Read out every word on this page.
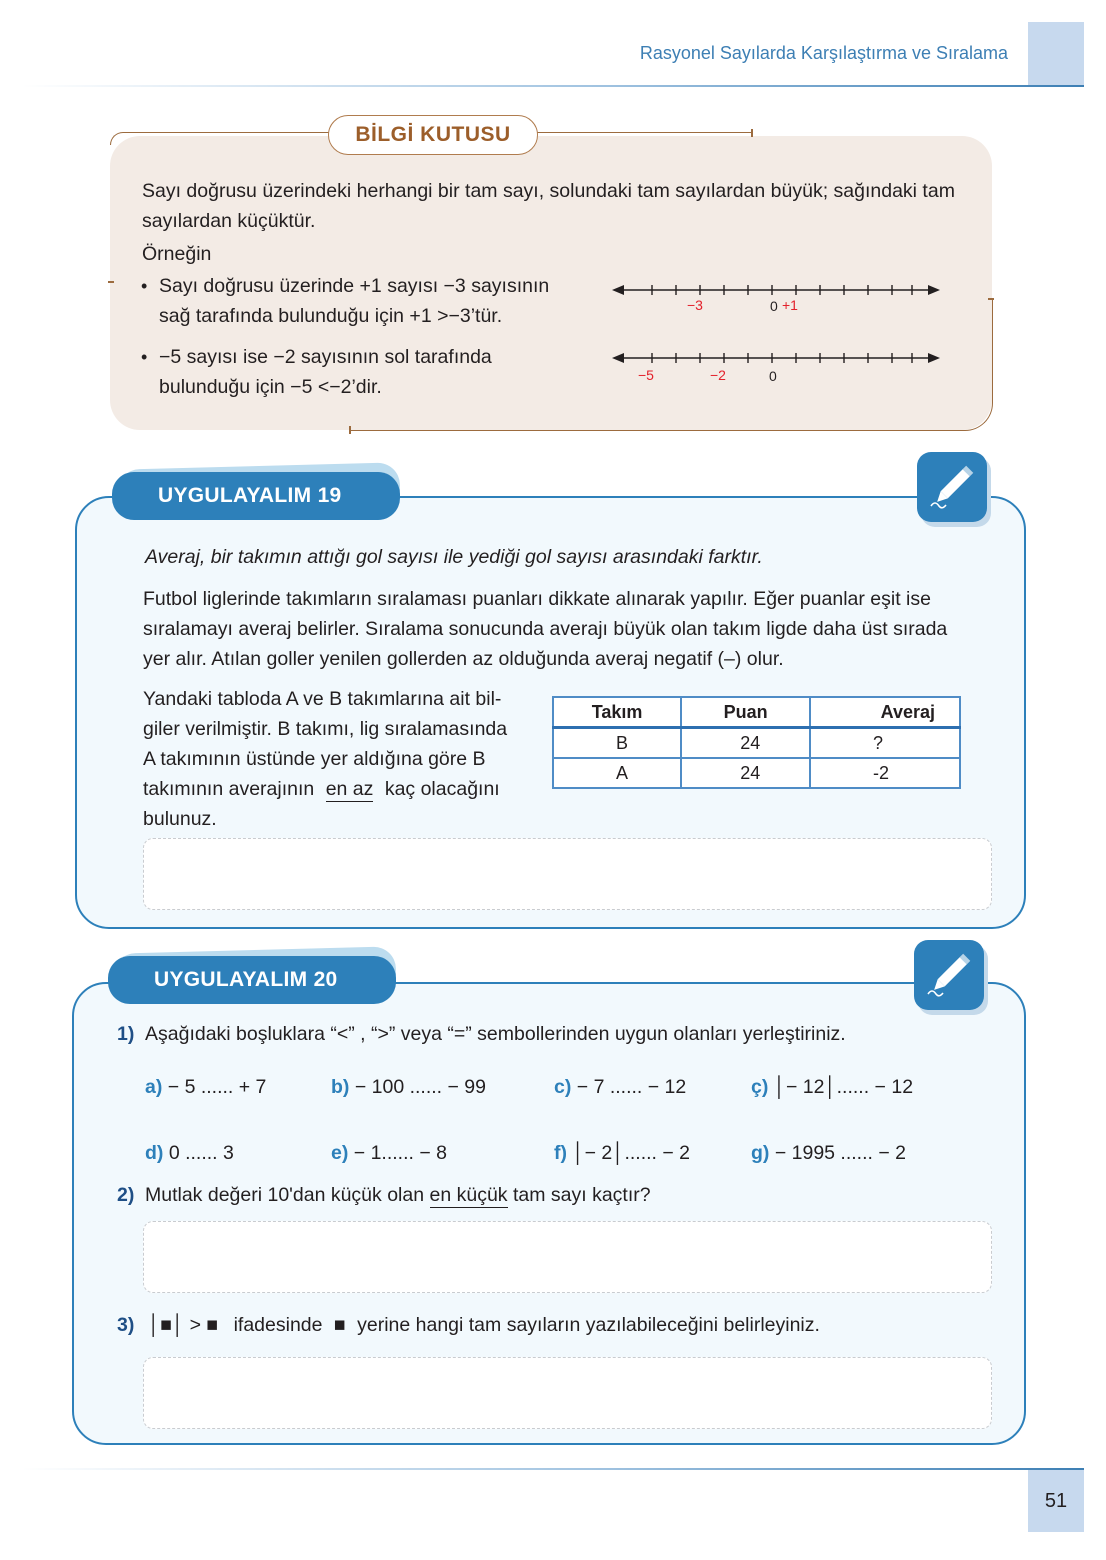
Rasyonel Sayılarda Karşılaştırma ve Sıralama
BİLGİ KUTUSU
Sayı doğrusu üzerindeki herhangi bir tam sayı, solundaki tam sayılardan büyük; sağındaki tam
sayılardan küçüktür.
Örneğin
• Sayı doğrusu üzerinde +1 sayısı −3 sayısının
sağ tarafında bulunduğu için +1 >−3’tür.
• −5 sayısı ise −2 sayısının sol tarafında
bulunduğu için −5 <−2’dir.
−3	0 +1
−5	−2	0
UYGULAYALIM 19
Averaj, bir takımın attığı gol sayısı ile yediği gol sayısı arasındaki farktır.
Futbol liglerinde takımların sıralaması puanları dikkate alınarak yapılır. Eğer puanlar eşit ise
sıralamayı averaj belirler. Sıralama sonucunda averajı büyük olan takım ligde daha üst sırada
yer alır. Atılan goller yenilen gollerden az olduğunda averaj negatif (–) olur.
Yandaki tabloda A ve B takımlarına ait bil-
giler verilmiştir. B takımı, lig sıralamasında
A takımının üstünde yer aldığına göre B
takımının averajının en az kaç olacağını
bulunuz.
Takım	Puan	Averaj
B	24	?
A	24	-2
UYGULAYALIM 20
1) Aşağıdaki boşluklara “<” , “>” veya “=” sembollerinden uygun olanları yerleştiriniz.
a) − 5 ...... + 7	b) − 100 ...... − 99	c) − 7 ...... − 12	ç) │− 12│...... − 12
d) 0 ...... 3	e) − 1...... − 8	f) │− 2│...... − 2	g) − 1995 ...... − 2
2) Mutlak değeri 10'dan küçük olan en küçük tam sayı kaçtır?
3) │■│ > ■ ifadesinde ■ yerine hangi tam sayıların yazılabileceğini belirleyiniz.
51
